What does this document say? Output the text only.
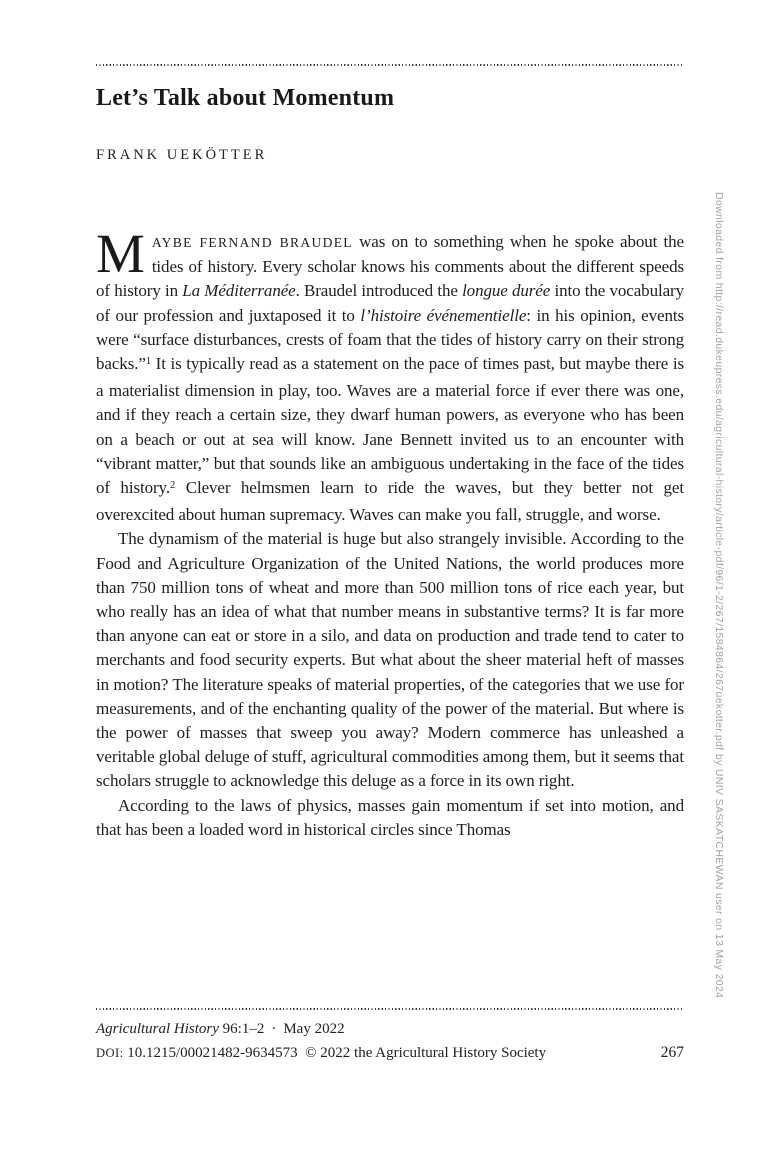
Let’s Talk about Momentum
FRANK UEKÖTTER

MAYBE FERNAND BRAUDEL was on to something when he spoke about the tides of history. Every scholar knows his comments about the different speeds of history in La Méditerranée. Braudel introduced the longue durée into the vocabulary of our profession and juxtaposed it to l’histoire événementielle: in his opinion, events were “surface disturbances, crests of foam that the tides of history carry on their strong backs.”$^1$ It is typically read as a statement on the pace of times past, but maybe there is a materialist dimension in play, too. Waves are a material force if ever there was one, and if they reach a certain size, they dwarf human powers, as everyone who has been on a beach or out at sea will know. Jane Bennett invited us to an encounter with “vibrant matter,” but that sounds like an ambiguous undertaking in the face of the tides of history.$^2$ Clever helmsmen learn to ride the waves, but they better not get overexcited about human supremacy. Waves can make you fall, struggle, and worse.

The dynamism of the material is huge but also strangely invisible. According to the Food and Agriculture Organization of the United Nations, the world produces more than 750 million tons of wheat and more than 500 million tons of rice each year, but who really has an idea of what that number means in substantive terms? It is far more than anyone can eat or store in a silo, and data on production and trade tend to cater to merchants and food security experts. But what about the sheer material heft of masses in motion? The literature speaks of material properties, of the categories that we use for measurements, and of the enchanting quality of the power of the material. But where is the power of masses that sweep you away? Modern commerce has unleashed a veritable global deluge of stuff, agricultural commodities among them, but it seems that scholars struggle to acknowledge this deluge as a force in its own right.

According to the laws of physics, masses gain momentum if set into motion, and that has been a loaded word in historical circles since Thomas

Agricultural History 96:1–2 · May 2022
DOI: 10.1215/00021482-9634573 © 2022 the Agricultural History Society	267
Downloaded from http://read.dukeupress.edu/agricultural-history/article-pdf/96/1-2/267/1584864/267uekotter.pdf by UNIV SASKATCHEWAN user on 13 May 2024
